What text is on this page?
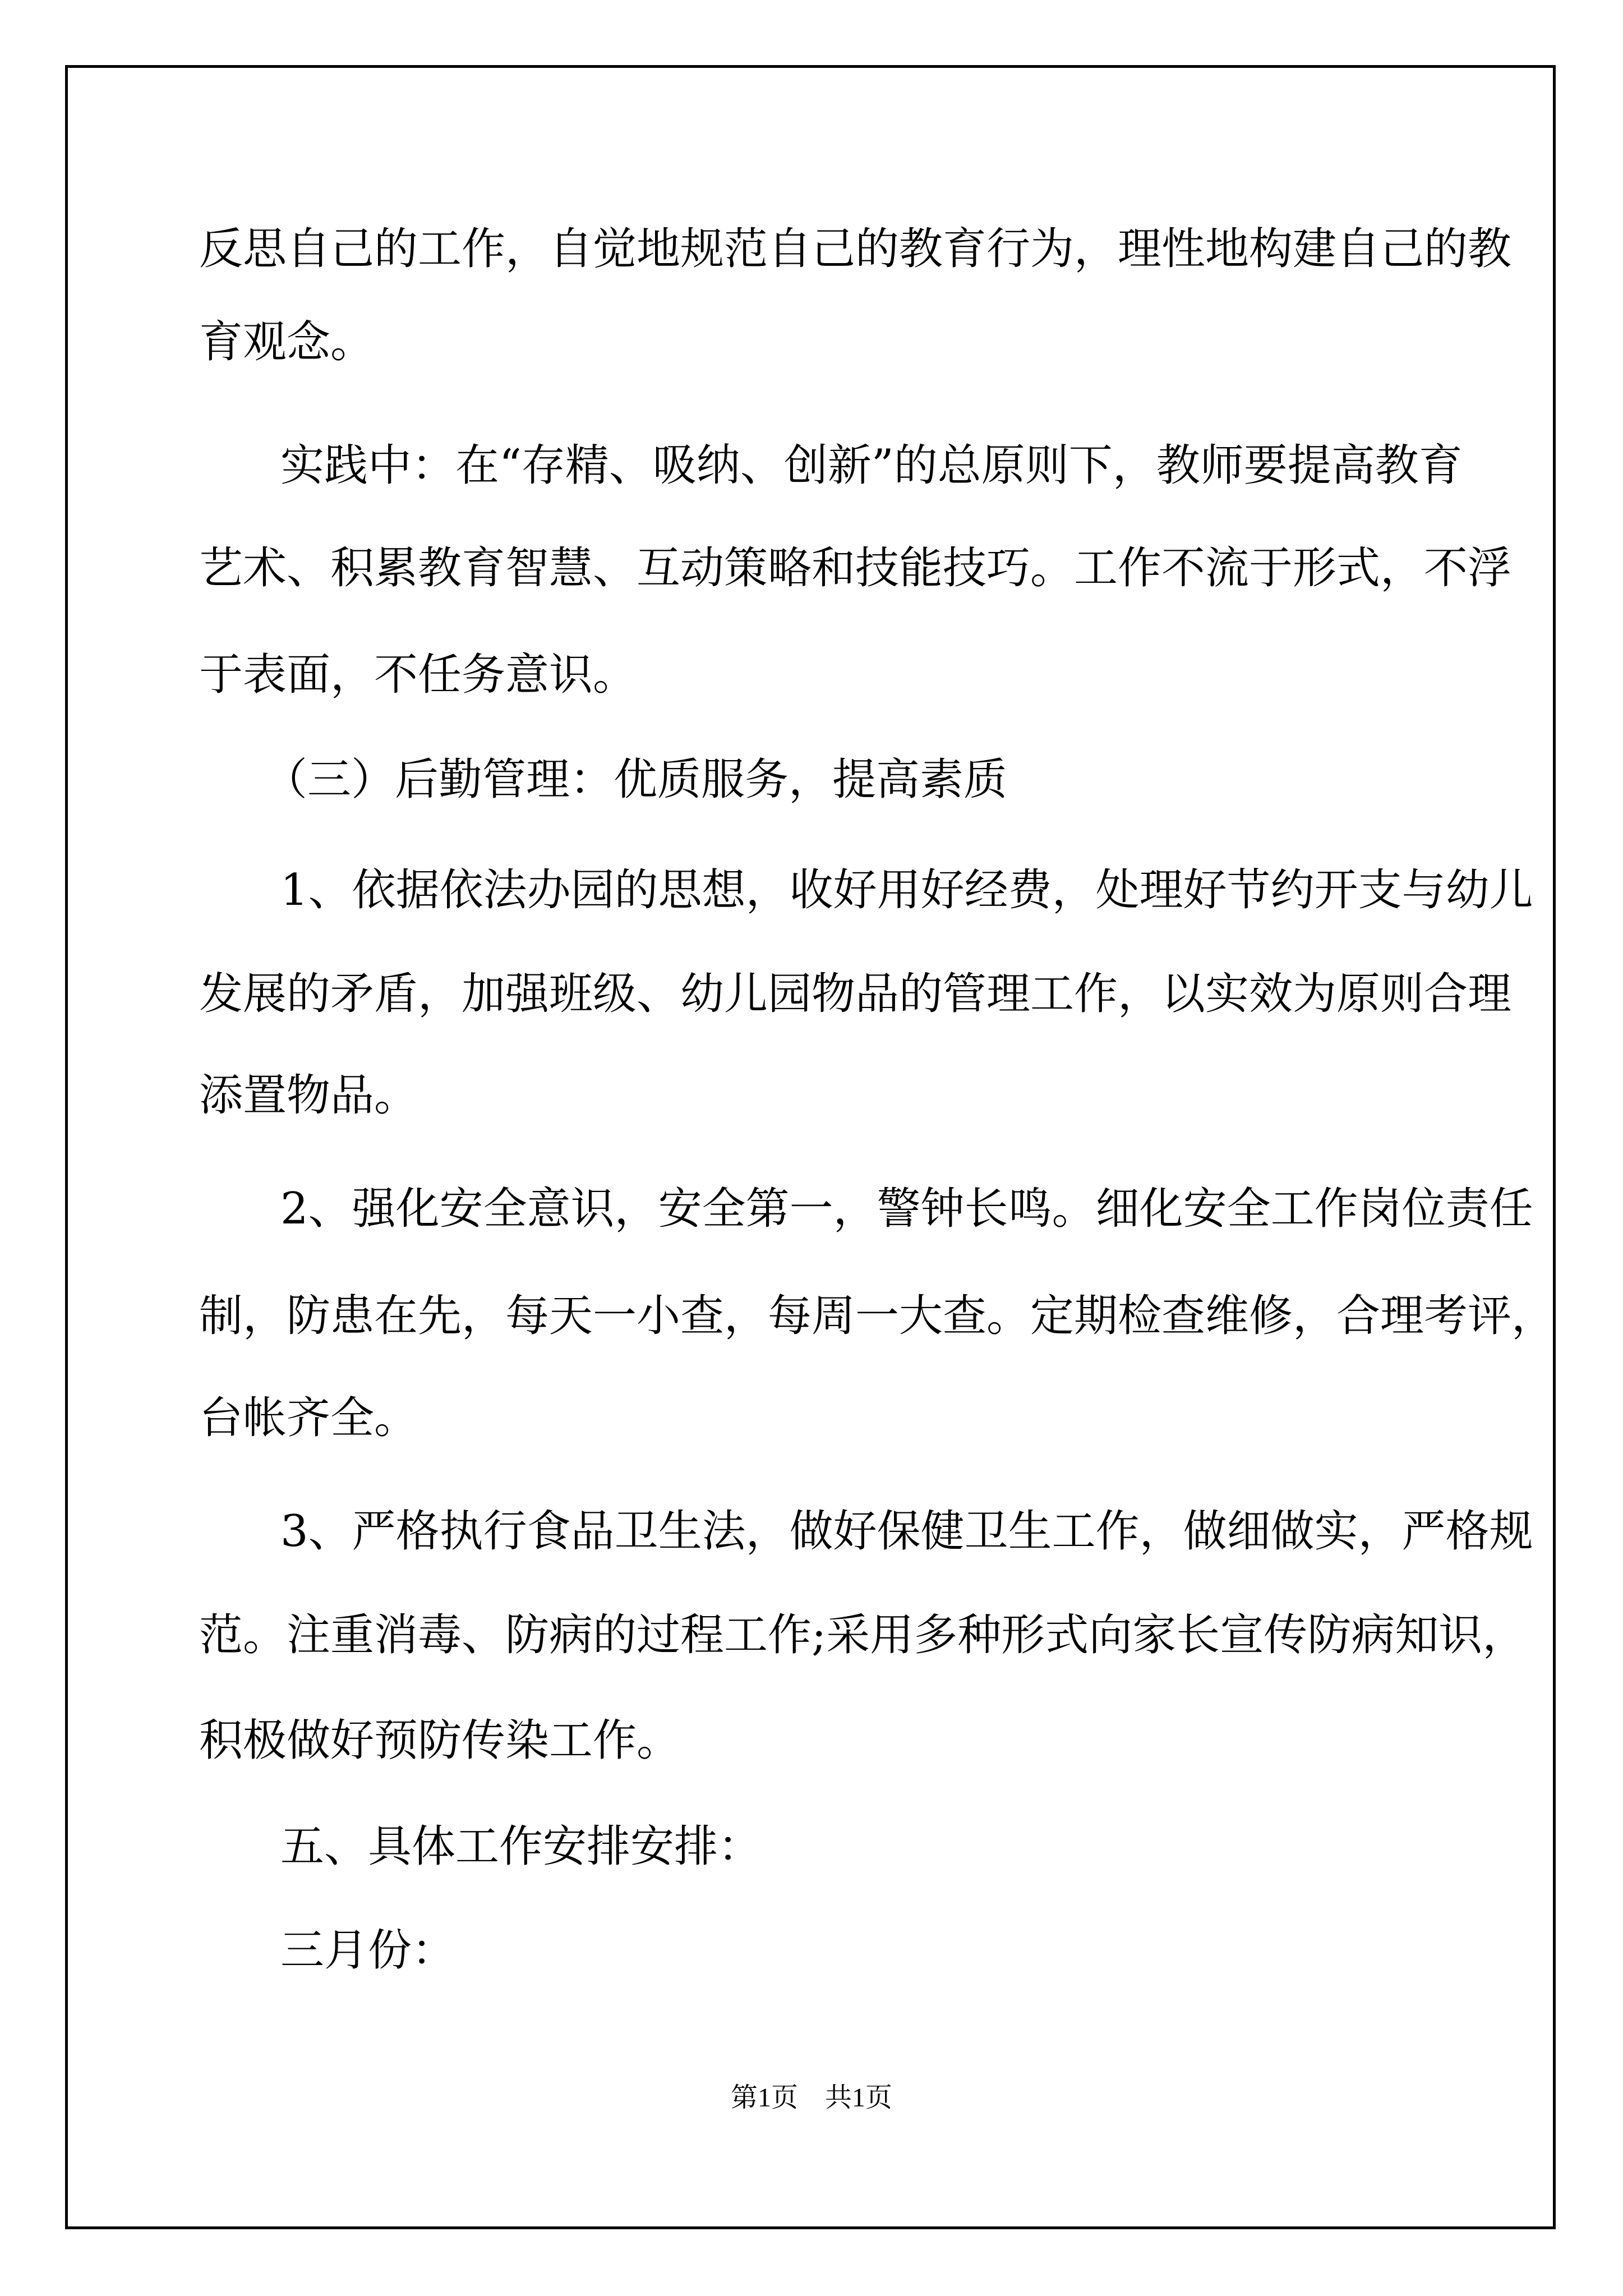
反思自己的工作，自觉地规范自己的教育行为，理性地构建自己的教

育观念。

实践中：在“存精、吸纳、创新”的总原则下，教师要提高教育

艺术、积累教育智慧、互动策略和技能技巧。工作不流于形式，不浮

于表面，不任务意识。

（三）后勤管理：优质服务，提高素质

1、依据依法办园的思想，收好用好经费，处理好节约开支与幼儿

发展的矛盾，加强班级、幼儿园物品的管理工作，以实效为原则合理

添置物品。

2、强化安全意识，安全第一，警钟长鸣。细化安全工作岗位责任

制，防患在先，每天一小查，每周一大查。定期检查维修，合理考评，

台帐齐全。

3、严格执行食品卫生法，做好保健卫生工作，做细做实，严格规

范。注重消毒、防病的过程工作;采用多种形式向家长宣传防病知识，

积极做好预防传染工作。

五、具体工作安排安排：

三月份：

第1页　共1页
